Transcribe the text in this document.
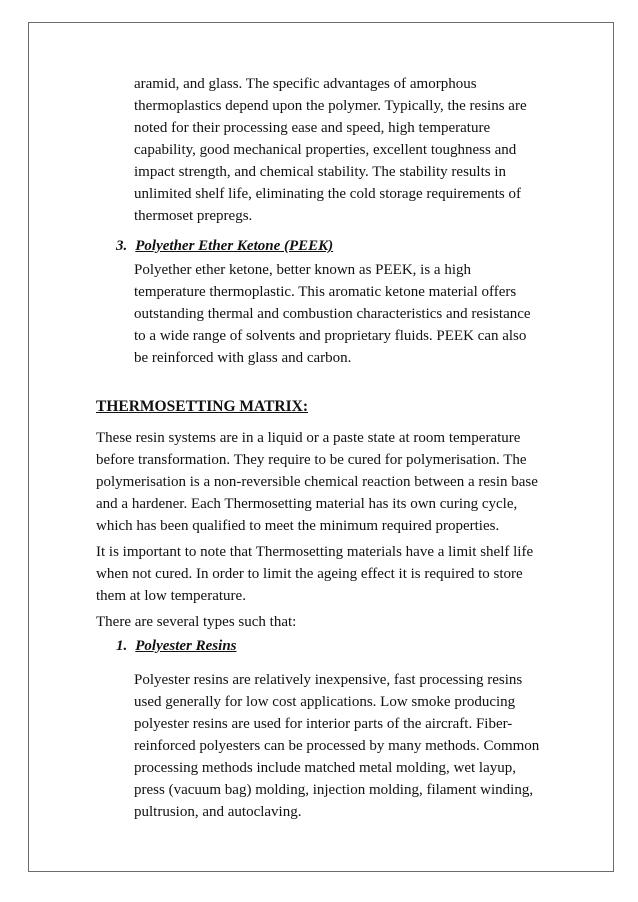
aramid, and glass. The specific advantages of amorphous
thermoplastics depend upon the polymer. Typically, the resins are
noted for their processing ease and speed, high temperature
capability, good mechanical properties, excellent toughness and
impact strength, and chemical stability. The stability results in
unlimited shelf life, eliminating the cold storage requirements of
thermoset prepregs.
3. Polyether Ether Ketone (PEEK)
Polyether ether ketone, better known as PEEK, is a high
temperature thermoplastic. This aromatic ketone material offers
outstanding thermal and combustion characteristics and resistance
to a wide range of solvents and proprietary fluids. PEEK can also
be reinforced with glass and carbon.
THERMOSETTING MATRIX:
These resin systems are in a liquid or a paste state at room temperature
before transformation. They require to be cured for polymerisation. The
polymerisation is a non-reversible chemical reaction between a resin base
and a hardener. Each Thermosetting material has its own curing cycle,
which has been qualified to meet the minimum required properties.
It is important to note that Thermosetting materials have a limit shelf life
when not cured. In order to limit the ageing effect it is required to store
them at low temperature.
There are several types such that:
1. Polyester Resins
Polyester resins are relatively inexpensive, fast processing resins
used generally for low cost applications. Low smoke producing
polyester resins are used for interior parts of the aircraft. Fiber-
reinforced polyesters can be processed by many methods. Common
processing methods include matched metal molding, wet layup,
press (vacuum bag) molding, injection molding, filament winding,
pultrusion, and autoclaving.
